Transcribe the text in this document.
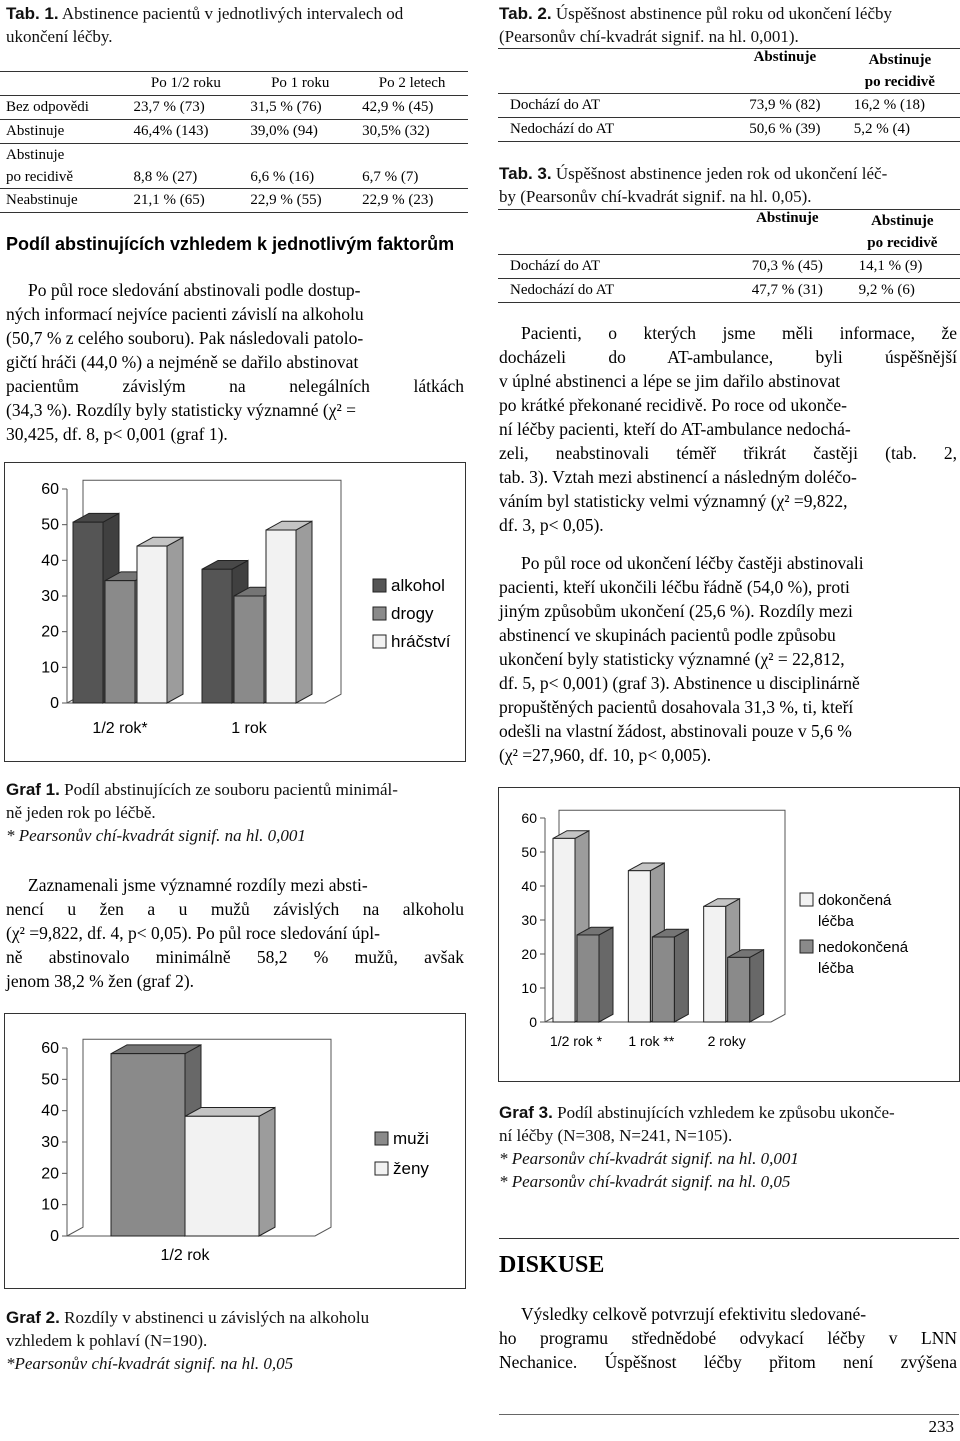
Tab. 1. Abstinence pacientů v jednotlivých intervalech od ukončení léčby.
	Po 1/2 roku	Po 1 roku	Po 2 letech
Bez odpovědi	23,7 % (73)	31,5 % (76)	42,9 % (45)
Abstinuje	46,4% (143)	39,0% (94)	30,5% (32)
Abstinuje
po recidivě	8,8 % (27)	6,6 % (16)	6,7 % (7)
Neabstinuje	21,1 % (65)	22,9 % (55)	22,9 % (23)
Podíl abstinujících vzhledem k jednotlivým faktorům
Po půl roce sledování abstinovali podle dostup-
ných informací nejvíce pacienti závislí na alkoholu
(50,7 % z celého souboru). Pak následovali patolo-
gičtí hráči (44,0 %) a nejméně se dařilo abstinovat
pacientům závislým na nelegálních látkách
(34,3 %). Rozdíly byly statisticky významné (χ² =
30,425, df. 8, p< 0,001 (graf 1).
0
10
20
30
40
50
60
1/2 rok*	1 rok
alkohol
drogy
hráčství
Graf 1. Podíl abstinujících ze souboru pacientů minimál-
ně jeden rok po léčbě.
* Pearsonův chí-kvadrát signif. na hl. 0,001
Zaznamenali jsme významné rozdíly mezi absti-
nencí u žen a u mužů závislých na alkoholu
(χ² =9,822, df. 4, p< 0,05). Po půl roce sledování úpl-
ně abstinovalo minimálně 58,2 % mužů, avšak
jenom 38,2 % žen (graf 2).
0
10
20
30
40
50
60
1/2 rok
muži
ženy
Graf 2. Rozdíly v abstinenci u závislých na alkoholu
vzhledem k pohlaví (N=190).
*Pearsonův chí-kvadrát signif. na hl. 0,05
Tab. 2. Úspěšnost abstinence půl roku od ukončení léčby
(Pearsonův chí-kvadrát signif. na hl. 0,001).
	Abstinuje	Abstinuje
po recidivě
Dochází do AT	73,9 % (82)	16,2 % (18)
Nedochází do AT	50,6 % (39)	5,2 % (4)
Tab. 3. Úspěšnost abstinence jeden rok od ukončení léč-
by (Pearsonův chí-kvadrát signif. na hl. 0,05).
	Abstinuje	Abstinuje
po recidivě
Dochází do AT	70,3 % (45)	14,1 % (9)
Nedochází do AT	47,7 % (31)	9,2 % (6)
Pacienti, o kterých jsme měli informace, že
docházeli do AT-ambulance, byli úspěšnější
v úplné abstinenci a lépe se jim dařilo abstinovat
po krátké překonané recidivě. Po roce od ukonče-
ní léčby pacienti, kteří do AT-ambulance nedochá-
zeli, neabstinovali téměř třikrát častěji (tab. 2,
tab. 3). Vztah mezi abstinencí a následným doléčo-
váním byl statisticky velmi významný (χ² =9,822,
df. 3, p< 0,05).
Po půl roce od ukončení léčby častěji abstinovali
pacienti, kteří ukončili léčbu řádně (54,0 %), proti
jiným způsobům ukončení (25,6 %). Rozdíly mezi
abstinencí ve skupinách pacientů podle způsobu
ukončení byly statisticky významné (χ² = 22,812,
df. 5, p< 0,001) (graf 3). Abstinence u disciplinárně
propuštěných pacientů dosahovala 31,3 %, ti, kteří
odešli na vlastní žádost, abstinovali pouze v 5,6 %
(χ² =27,960, df. 10, p< 0,005).
0
10
20
30
40
50
60
1/2 rok * 1 rok ** 2 roky
dokončená
léčba
nedokončená
léčba
Graf 3. Podíl abstinujících vzhledem ke způsobu ukonče-
ní léčby (N=308, N=241, N=105).
* Pearsonův chí-kvadrát signif. na hl. 0,001
* Pearsonův chí-kvadrát signif. na hl. 0,05
DISKUSE
Výsledky celkově potvrzují efektivitu sledované-
ho programu střednědobé odvykací léčby v LNN
Nechanice. Úspěšnost léčby přitom není zvýšena
233
